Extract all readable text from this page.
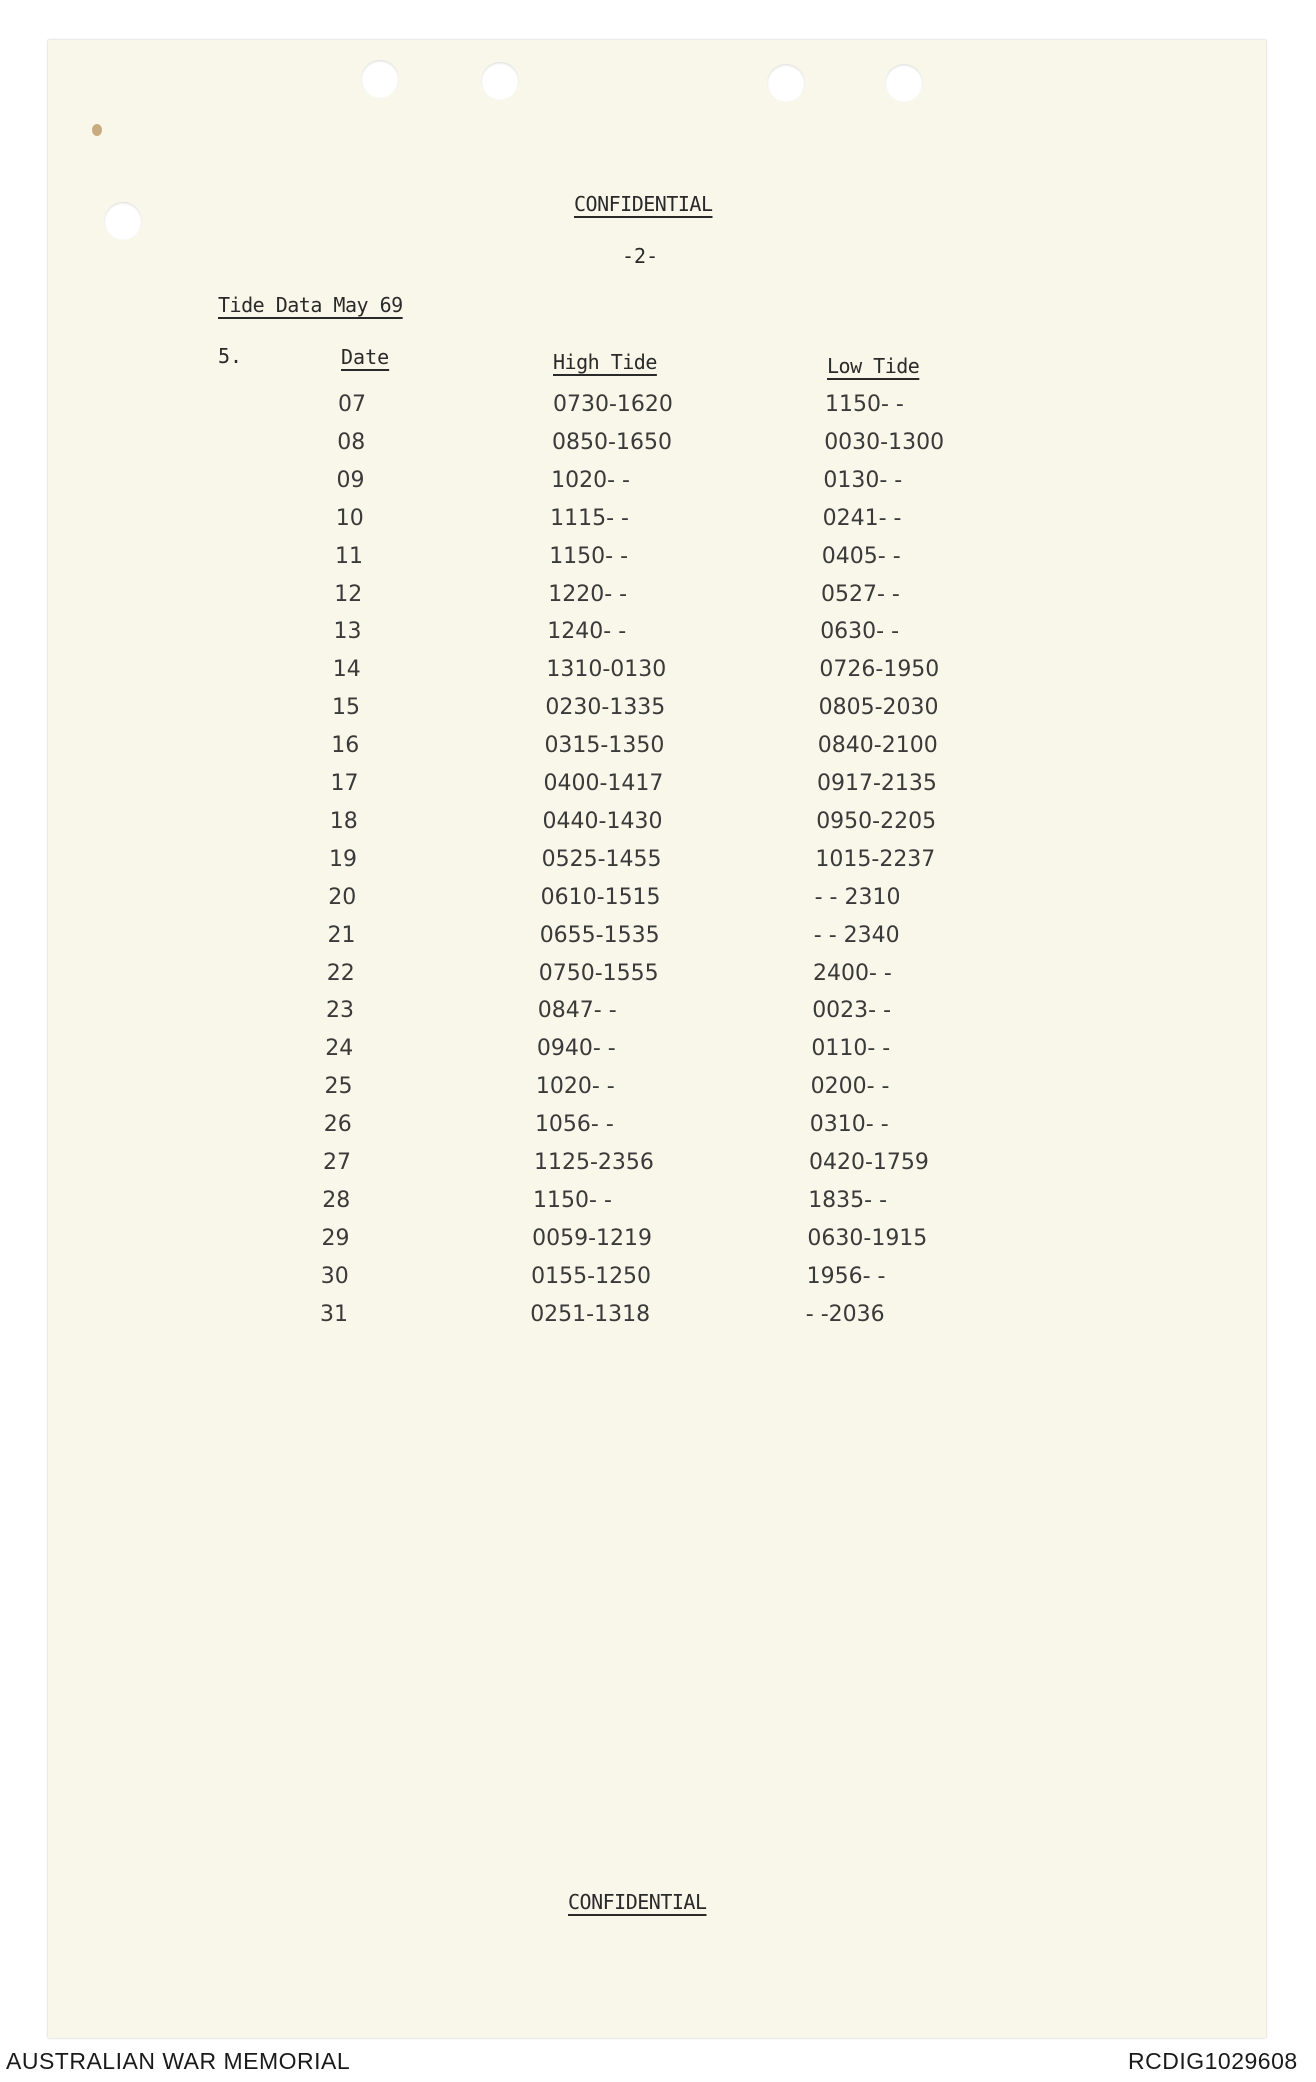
CONFIDENTIAL
-2-
Tide Data May 69
5.	Date	High Tide	Low Tide
07	0730-1620	1150- -
08	0850-1650	0030-1300
09	1020- -	0130- -
10	1115- -	0241- -
11	1150- -	0405- -
12	1220- -	0527- -
13	1240- -	0630- -
14	1310-0130	0726-1950
15	0230-1335	0805-2030
16	0315-1350	0840-2100
17	0400-1417	0917-2135
18	0440-1430	0950-2205
19	0525-1455	1015-2237
20	0610-1515	- - 2310
21	0655-1535	- - 2340
22	0750-1555	2400- -
23	0847- -	0023- -
24	0940- -	0110- -
25	1020- -	0200- -
26	1056- -	0310- -
27	1125-2356	0420-1759
28	1150- -	1835- -
29	0059-1219	0630-1915
30	0155-1250	1956- -
31	0251-1318	- -2036
CONFIDENTIAL
AUSTRALIAN WAR MEMORIAL	RCDIG1029608
